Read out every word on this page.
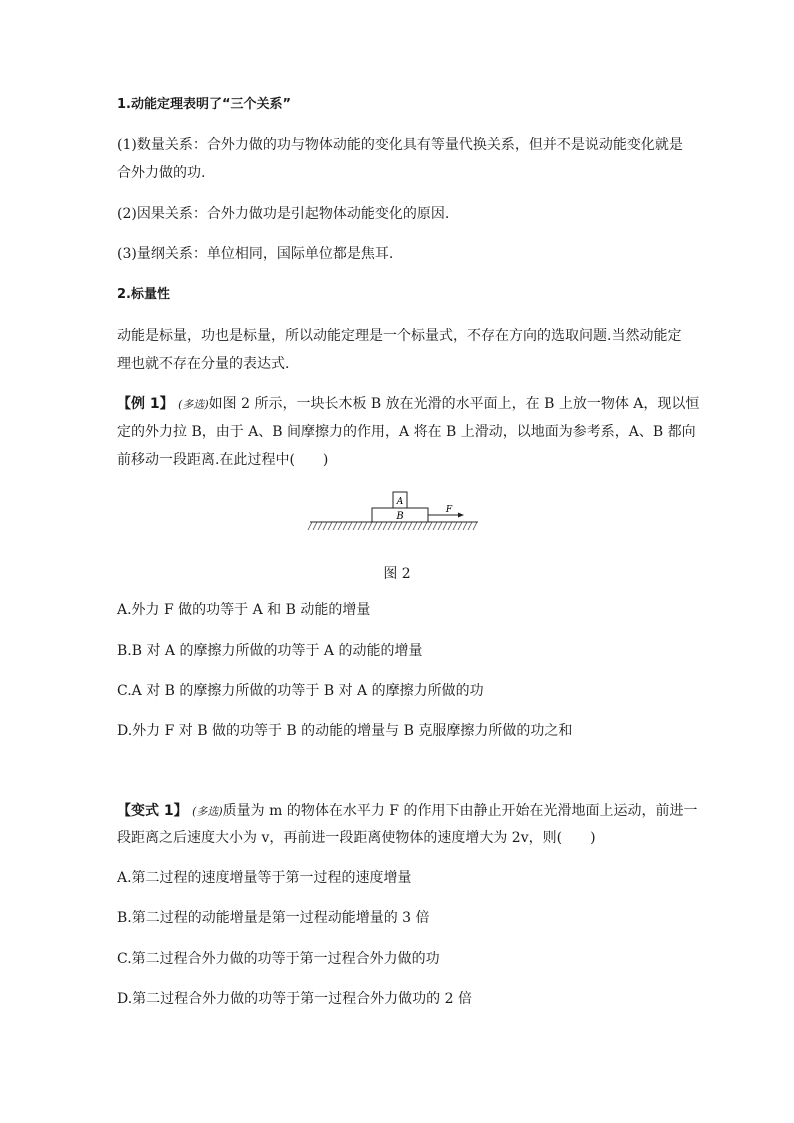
1.动能定理表明了“三个关系”
(1)数量关系：合外力做的功与物体动能的变化具有等量代换关系，但并不是说动能变化就是
合外力做的功.
(2)因果关系：合外力做功是引起物体动能变化的原因.
(3)量纲关系：单位相同，国际单位都是焦耳.
2.标量性
动能是标量，功也是标量，所以动能定理是一个标量式，不存在方向的选取问题.当然动能定
理也就不存在分量的表达式.
【例 1】 (多选)如图 2 所示，一块长木板 B 放在光滑的水平面上，在 B 上放一物体 A，现以恒
定的外力拉 B，由于 A、B 间摩擦力的作用，A 将在 B 上滑动，以地面为参考系，A、B 都向
前移动一段距离.在此过程中(　　)
B
A
F
图 2
A.外力 F 做的功等于 A 和 B 动能的增量
B.B 对 A 的摩擦力所做的功等于 A 的动能的增量
C.A 对 B 的摩擦力所做的功等于 B 对 A 的摩擦力所做的功
D.外力 F 对 B 做的功等于 B 的动能的增量与 B 克服摩擦力所做的功之和
【变式 1】 (多选)质量为 m 的物体在水平力 F 的作用下由静止开始在光滑地面上运动，前进一
段距离之后速度大小为 v，再前进一段距离使物体的速度增大为 2v，则(　　)
A.第二过程的速度增量等于第一过程的速度增量
B.第二过程的动能增量是第一过程动能增量的 3 倍
C.第二过程合外力做的功等于第一过程合外力做的功
D.第二过程合外力做的功等于第一过程合外力做功的 2 倍
